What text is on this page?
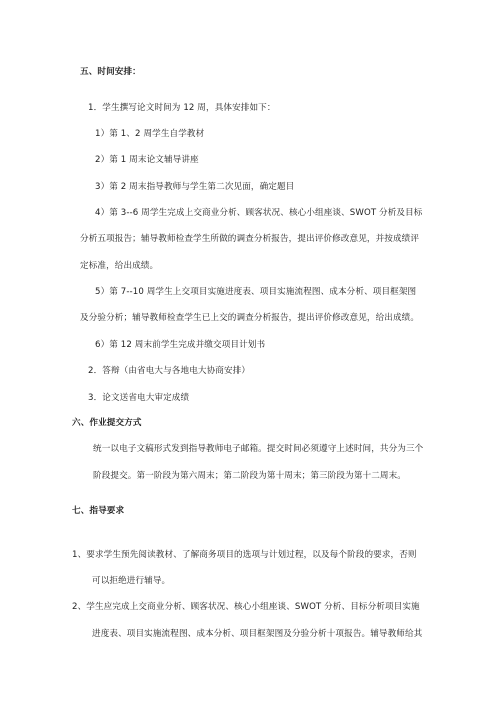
五、时间安排：
1．学生撰写论文时间为 12 周，具体安排如下：
1）第 1、2 周学生自学教材
2）第 1 周末论文辅导讲座
3）第 2 周末指导教师与学生第二次见面，确定题目
4）第 3--6 周学生完成上交商业分析、顾客状况、核心小组座谈、SWOT 分析及目标
分析五项报告；辅导教师检查学生所做的调查分析报告，提出评价修改意见，并按成绩评
定标准，给出成绩。
5）第 7--10 周学生上交项目实施进度表、项目实施流程图、成本分析、项目框架图
及分验分析；辅导教师检查学生已上交的调查分析报告，提出评价修改意见，给出成绩。
6）第 12 周末前学生完成并缴交项目计划书
2．答辩（由省电大与各地电大协商安排）
3．论文送省电大审定成绩
六、作业提交方式
统一以电子文稿形式发到指导教师电子邮箱。提交时间必须遵守上述时间，共分为三个
阶段提交。第一阶段为第六周末；第二阶段为第十周末；第三阶段为第十二周末。
七、指导要求
1、要求学生预先阅读教材、了解商务项目的选项与计划过程，以及每个阶段的要求，否则
可以拒绝进行辅导。
2、学生应完成上交商业分析、顾客状况、核心小组座谈、SWOT 分析、目标分析项目实施
进度表、项目实施流程图、成本分析、项目框架图及分验分析十项报告。辅导教师给其
